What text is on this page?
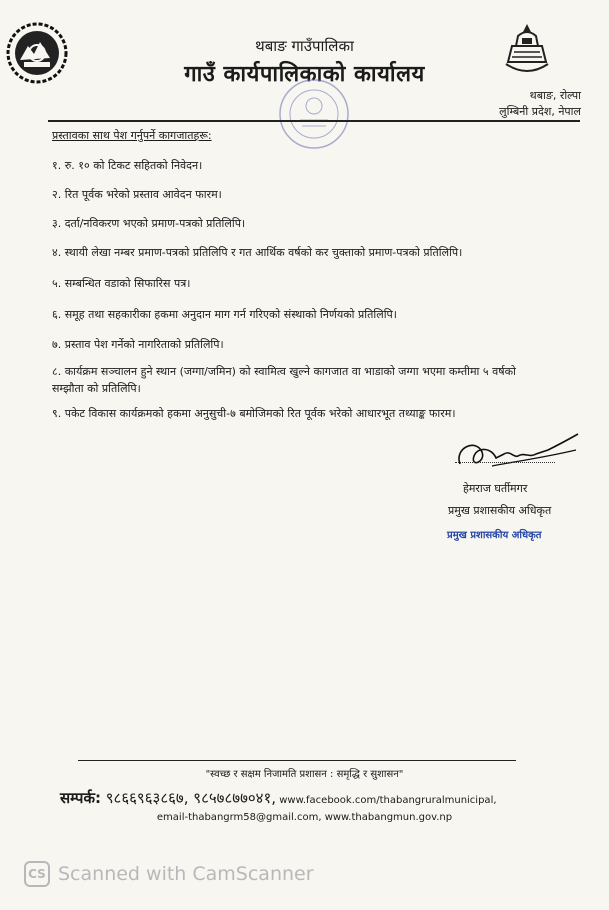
थबाङ गाउँपालिका
गाउँ कार्यपालिकाको कार्यालय
थबाङ, रोल्पा
लुम्बिनी प्रदेश, नेपाल
प्रस्तावका साथ पेश गर्नुपर्ने कागजातहरू:
१. रु. १० को टिकट सहितको निवेदन।
२. रित पूर्वक भरेको प्रस्ताव आवेदन फारम।
३. दर्ता/नविकरण भएको प्रमाण-पत्रको प्रतिलिपि।
४. स्थायी लेखा नम्बर प्रमाण-पत्रको प्रतिलिपि र गत आर्थिक वर्षको कर चुक्ताको प्रमाण-पत्रको प्रतिलिपि।
५. सम्बन्धित वडाको सिफारिस पत्र।
६. समूह तथा सहकारीका हकमा अनुदान माग गर्न गरिएको संस्थाको निर्णयको प्रतिलिपि।
७. प्रस्ताव पेश गर्नेको नागरिताको प्रतिलिपि।
८. कार्यक्रम सञ्चालन हुने स्थान (जग्गा/जमिन) को स्वामित्व खुल्ने कागजात वा भाडाको जग्गा भएमा कम्तीमा ५ वर्षको
सम्झौता को प्रतिलिपि।
९. पकेट विकास कार्यक्रमको हकमा अनुसुची-७ बमोजिमको रित पूर्वक भरेको आधारभूत तथ्याङ्क फारम।
हेमराज घर्तीमगर
प्रमुख प्रशासकीय अधिकृत
प्रमुख प्रशासकीय अधिकृत
"स्वच्छ र सक्षम निजामति प्रशासन : समृद्धि र सुशासन"
सम्पर्क: ९८६६९६३८६७, ९८५७८७७०४१, www.facebook.com/thabangruralmunicipal,
email-thabangrm58@gmail.com, www.thabangmun.gov.np
CS Scanned with CamScanner
